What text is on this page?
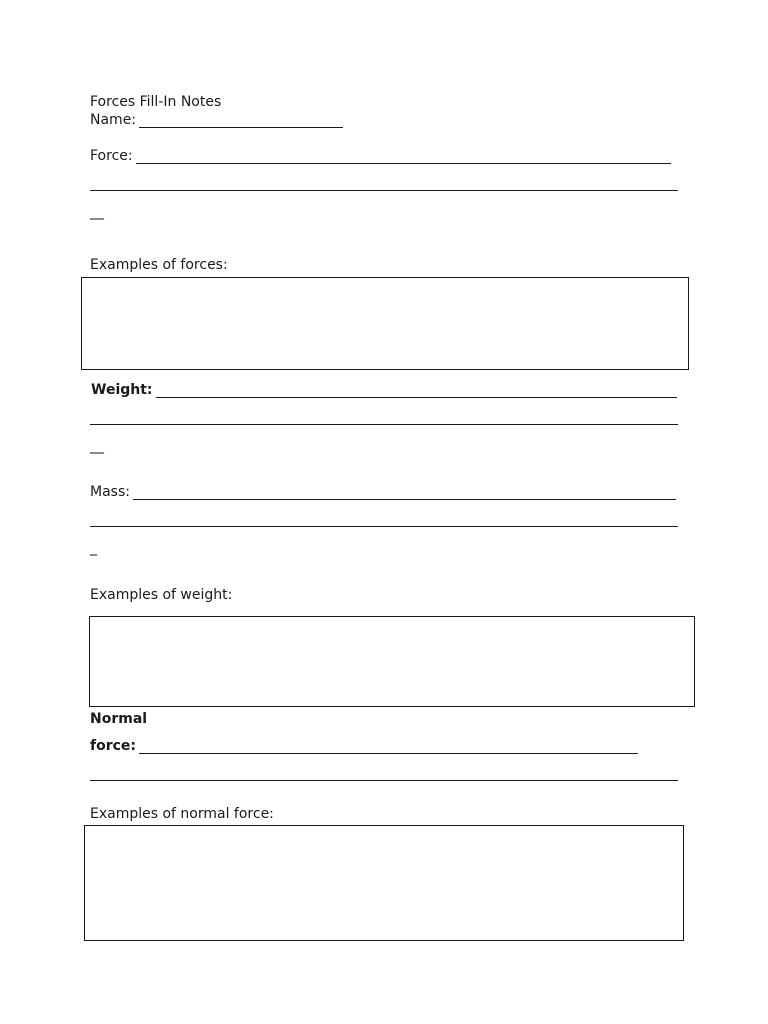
Forces Fill-In Notes
Name:
Force:
__
Examples of forces:
Weight:
__
Mass:
_
Examples of weight:
Normal
force:
Examples of normal force:
